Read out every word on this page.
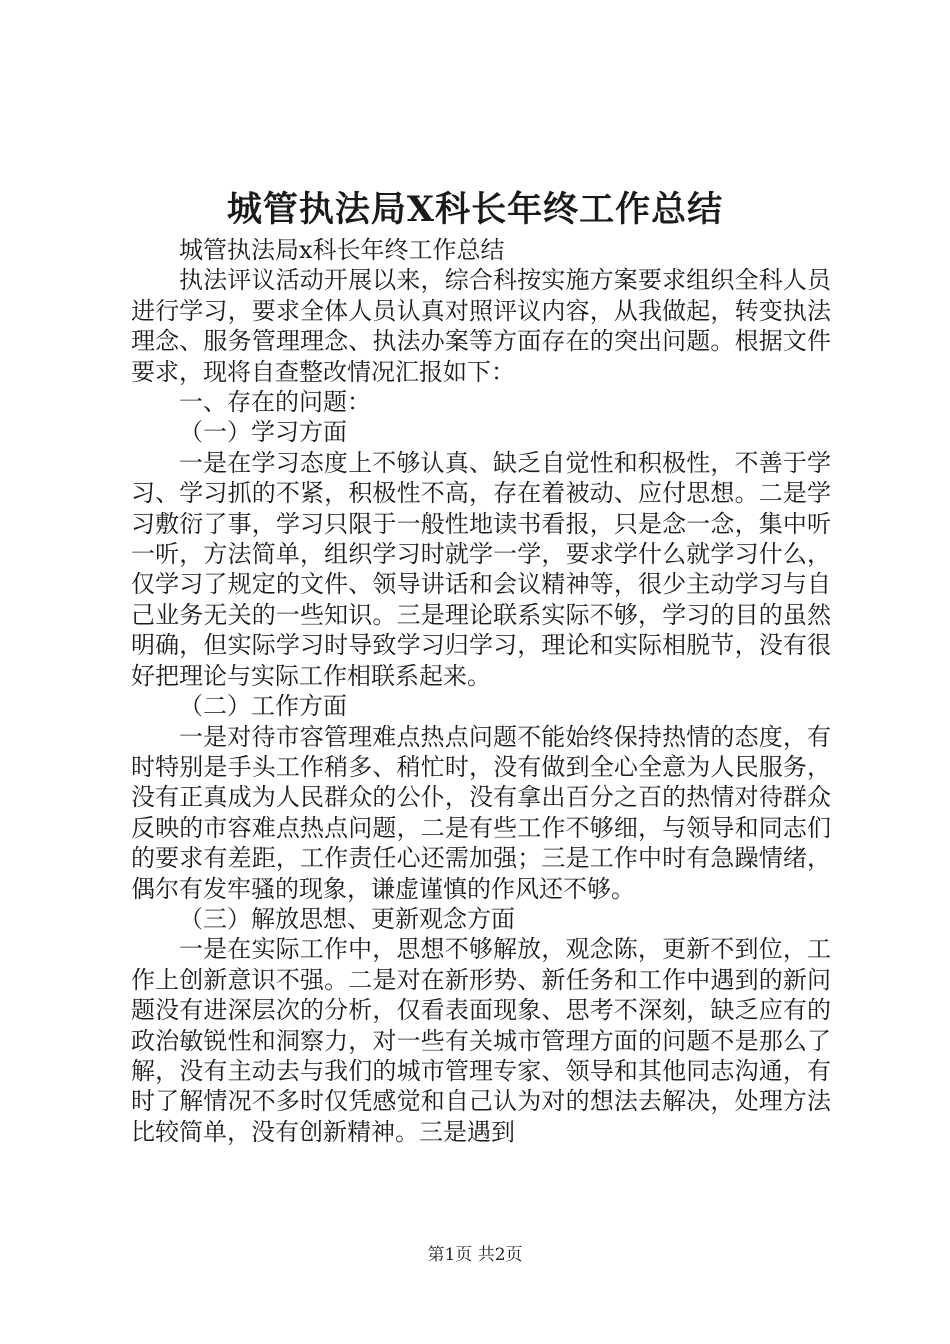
城管执法局X科长年终工作总结

城管执法局x科长年终工作总结

执法评议活动开展以来，综合科按实施方案要求组织全科人员进行学习，要求全体人员认真对照评议内容，从我做起，转变执法理念、服务管理理念、执法办案等方面存在的突出问题。根据文件要求，现将自查整改情况汇报如下：

一、存在的问题：

（一）学习方面

一是在学习态度上不够认真、缺乏自觉性和积极性，不善于学习、学习抓的不紧，积极性不高，存在着被动、应付思想。二是学习敷衍了事，学习只限于一般性地读书看报，只是念一念，集中听一听，方法简单，组织学习时就学一学，要求学什么就学习什么，仅学习了规定的文件、领导讲话和会议精神等，很少主动学习与自己业务无关的一些知识。三是理论联系实际不够，学习的目的虽然明确，但实际学习时导致学习归学习，理论和实际相脱节，没有很好把理论与实际工作相联系起来。

（二）工作方面

一是对待市容管理难点热点问题不能始终保持热情的态度，有时特别是手头工作稍多、稍忙时，没有做到全心全意为人民服务，没有正真成为人民群众的公仆，没有拿出百分之百的热情对待群众反映的市容难点热点问题，二是有些工作不够细，与领导和同志们的要求有差距，工作责任心还需加强；三是工作中时有急躁情绪，偶尔有发牢骚的现象，谦虚谨慎的作风还不够。

（三）解放思想、更新观念方面

一是在实际工作中，思想不够解放，观念陈，更新不到位，工作上创新意识不强。二是对在新形势、新任务和工作中遇到的新问题没有进深层次的分析，仅看表面现象、思考不深刻，缺乏应有的政治敏锐性和洞察力，对一些有关城市管理方面的问题不是那么了解，没有主动去与我们的城市管理专家、领导和其他同志沟通，有时了解情况不多时仅凭感觉和自己认为对的想法去解决，处理方法比较简单，没有创新精神。三是遇到

第1页 共2页
